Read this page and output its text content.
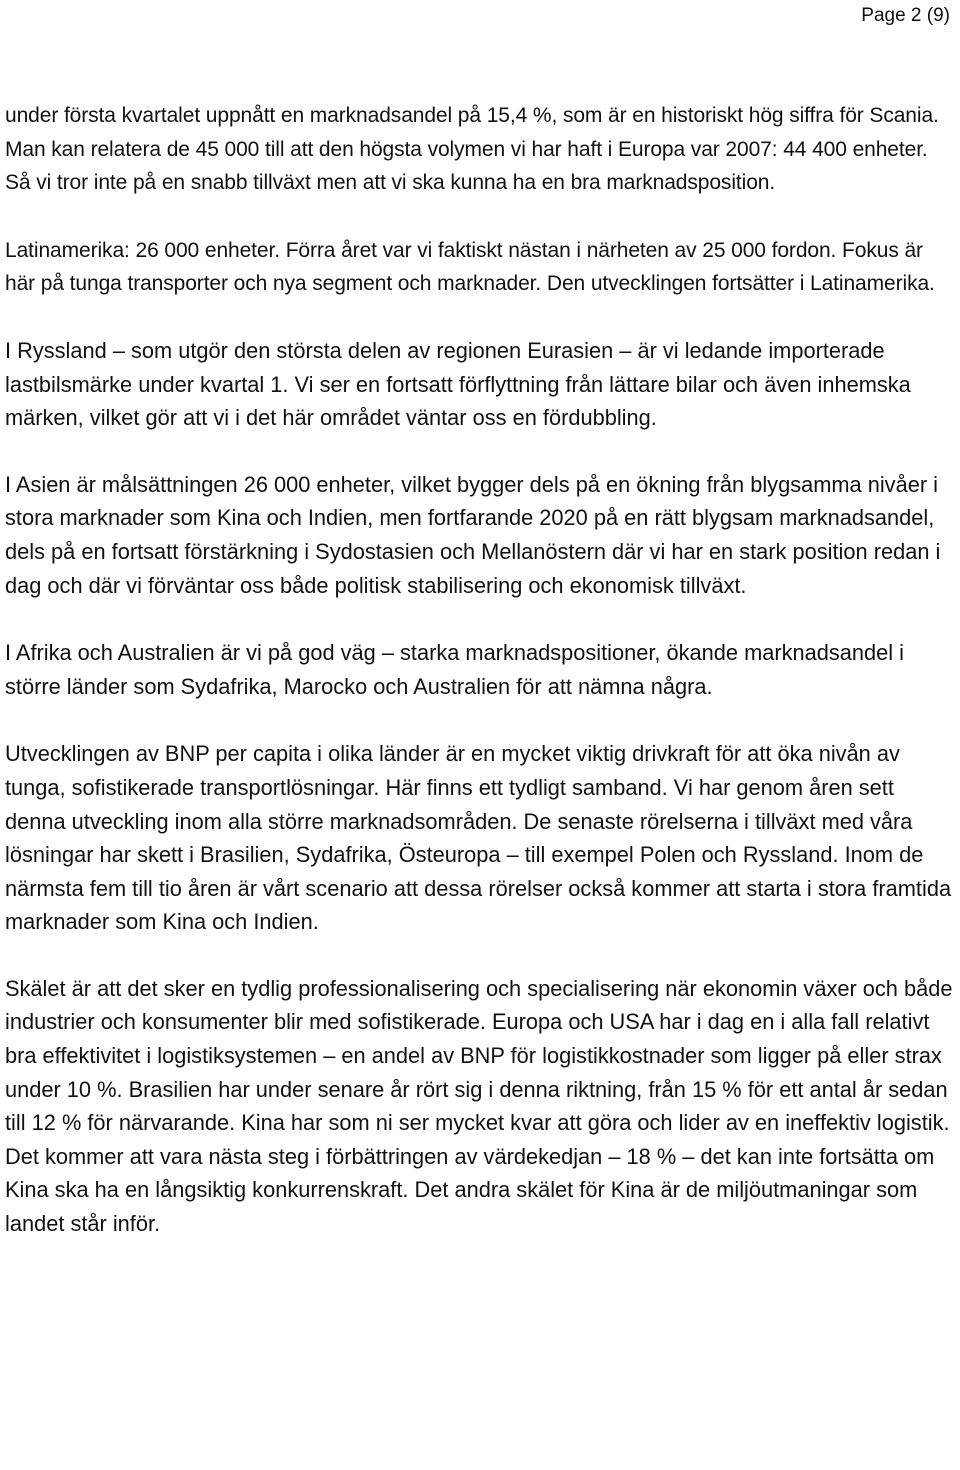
Page 2 (9)

under första kvartalet uppnått en marknadsandel på 15,4 %, som är en historiskt hög siffra för Scania. Man kan relatera de 45 000 till att den högsta volymen vi har haft i Europa var 2007: 44 400 enheter. Så vi tror inte på en snabb tillväxt men att vi ska kunna ha en bra marknadsposition.

Latinamerika: 26 000 enheter. Förra året var vi faktiskt nästan i närheten av 25 000 fordon. Fokus är här på tunga transporter och nya segment och marknader. Den utvecklingen fortsätter i Latinamerika.

I Ryssland – som utgör den största delen av regionen Eurasien – är vi ledande importerade lastbilsmärke under kvartal 1. Vi ser en fortsatt förflyttning från lättare bilar och även inhemska märken, vilket gör att vi i det här området väntar oss en fördubbling.

I Asien är målsättningen 26 000 enheter, vilket bygger dels på en ökning från blygsamma nivåer i stora marknader som Kina och Indien, men fortfarande 2020 på en rätt blygsam marknadsandel, dels på en fortsatt förstärkning i Sydostasien och Mellanöstern där vi har en stark position redan i dag och där vi förväntar oss både politisk stabilisering och ekonomisk tillväxt.

I Afrika och Australien är vi på god väg – starka marknadspositioner, ökande marknadsandel i större länder som Sydafrika, Marocko och Australien för att nämna några.

Utvecklingen av BNP per capita i olika länder är en mycket viktig drivkraft för att öka nivån av tunga, sofistikerade transportlösningar. Här finns ett tydligt samband. Vi har genom åren sett denna utveckling inom alla större marknadsområden. De senaste rörelserna i tillväxt med våra lösningar har skett i Brasilien, Sydafrika, Östeuropa – till exempel Polen och Ryssland. Inom de närmsta fem till tio åren är vårt scenario att dessa rörelser också kommer att starta i stora framtida marknader som Kina och Indien.

Skälet är att det sker en tydlig professionalisering och specialisering när ekonomin växer och både industrier och konsumenter blir med sofistikerade. Europa och USA har i dag en i alla fall relativt bra effektivitet i logistiksystemen – en andel av BNP för logistikkostnader som ligger på eller strax under 10 %. Brasilien har under senare år rört sig i denna riktning, från 15 % för ett antal år sedan till 12 % för närvarande. Kina har som ni ser mycket kvar att göra och lider av en ineffektiv logistik. Det kommer att vara nästa steg i förbättringen av värdekedjan – 18 % – det kan inte fortsätta om Kina ska ha en långsiktig konkurrenskraft. Det andra skälet för Kina är de miljöutmaningar som landet står inför.
